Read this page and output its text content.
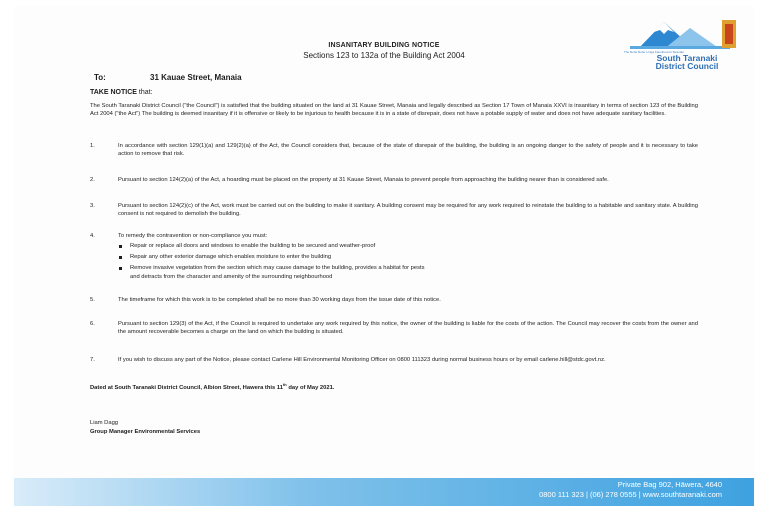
The Rohe Rohe o Nga Kaunihera ki Taranaki
South Taranaki
District Council
INSANITARY BUILDING NOTICE
Sections 123 to 132a of the Building Act 2004
To:	31 Kauae Street, Manaia
TAKE NOTICE that:
The South Taranaki District Council ("the Council") is satisfied that the building situated on the land at 31 Kauae Street, Manaia and legally described as Section 17 Town of Manaia XXVI is insanitary in terms of section 123 of the Building Act 2004 ("the Act") The building is deemed insanitary if it is offensive or likely to be injurious to health because it is in a state of disrepair, does not have a potable supply of water and does not have adequate sanitary facilities.
1.	In accordance with section 129(1)(a) and 129(2)(a) of the Act, the Council considers that, because of the state of disrepair of the building, the building is an ongoing danger to the safety of people and it is necessary to take action to remove that risk.
2.	Pursuant to section 124(2)(a) of the Act, a hoarding must be placed on the property at 31 Kauae Street, Manaia to prevent people from approaching the building nearer than is considered safe.
3.	Pursuant to section 124(2)(c) of the Act, work must be carried out on the building to make it sanitary. A building consent may be required for any work required to reinstate the building to a habitable and sanitary state. A building consent is not required to demolish the building.
4.	To remedy the contravention or non-compliance you must:
Repair or replace all doors and windows to enable the building to be secured and weather-proof
Repair any other exterior damage which enables moisture to enter the building
Remove invasive vegetation from the section which may cause damage to the building, provides a habitat for pests and detracts from the character and amenity of the surrounding neighbourhood
5.	The timeframe for which this work is to be completed shall be no more than 30 working days from the issue date of this notice.
6.	Pursuant to section 129(3) of the Act, if the Council is required to undertake any work required by this notice, the owner of the building is liable for the costs of the action. The Council may recover the costs from the owner and the amount recoverable becomes a charge on the land on which the building is situated.
7.	If you wish to discuss any part of the Notice, please contact Carlene Hill Environmental Monitoring Officer on 0800 111323 during normal business hours or by email carlene.hill@stdc.govt.nz.
Dated at South Taranaki District Council, Albion Street, Hawera this 11th day of May 2021.
Liam Dagg
Group Manager Environmental Services
Private Bag 902, Hāwera, 4640
0800 111 323 | (06) 278 0555 | www.southtaranaki.com
